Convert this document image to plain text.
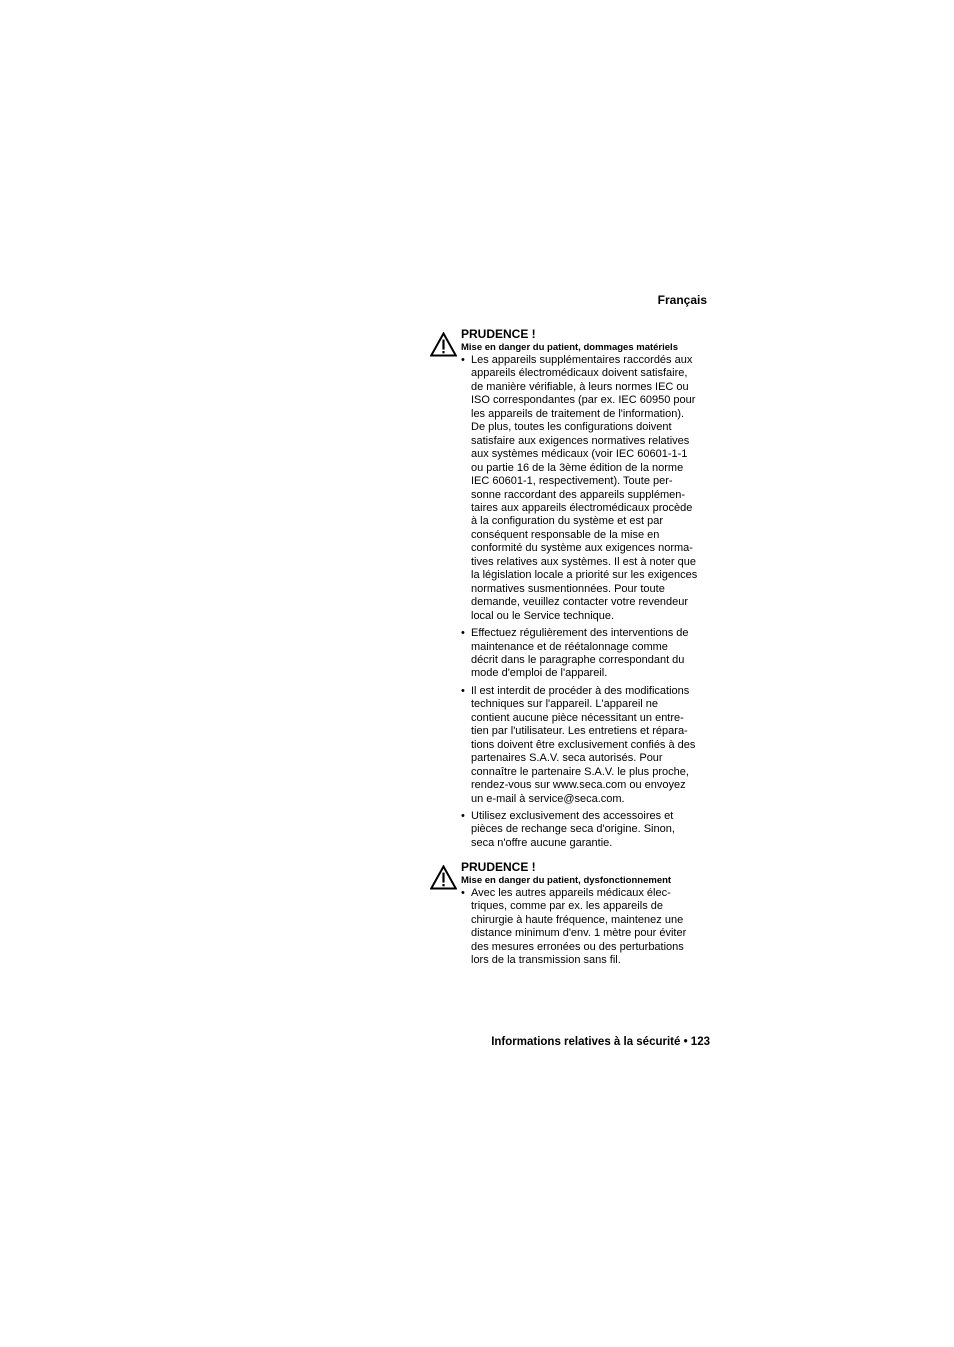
Français

PRUDENCE !

Mise en danger du patient, dommages matériels

• Les appareils supplémentaires raccordés aux
appareils électromédicaux doivent satisfaire,
de manière vérifiable, à leurs normes IEC ou
ISO correspondantes (par ex. IEC 60950 pour
les appareils de traitement de l'information).
De plus, toutes les configurations doivent
satisfaire aux exigences normatives relatives
aux systèmes médicaux (voir IEC 60601-1-1
ou partie 16 de la 3ème édition de la norme
IEC 60601-1, respectivement). Toute per-
sonne raccordant des appareils supplémen-
taires aux appareils électromédicaux procède
à la configuration du système et est par
conséquent responsable de la mise en
conformité du système aux exigences norma-
tives relatives aux systèmes. Il est à noter que
la législation locale a priorité sur les exigences
normatives susmentionnées. Pour toute
demande, veuillez contacter votre revendeur
local ou le Service technique.
• Effectuez régulièrement des interventions de
maintenance et de réétalonnage comme
décrit dans le paragraphe correspondant du
mode d'emploi de l'appareil.
• Il est interdit de procéder à des modifications
techniques sur l'appareil. L'appareil ne
contient aucune pièce nécessitant un entre-
tien par l'utilisateur. Les entretiens et répara-
tions doivent être exclusivement confiés à des
partenaires S.A.V. seca autorisés. Pour
connaître le partenaire S.A.V. le plus proche,
rendez-vous sur www.seca.com ou envoyez
un e-mail à service@seca.com.
• Utilisez exclusivement des accessoires et
pièces de rechange seca d'origine. Sinon,
seca n'offre aucune garantie.

PRUDENCE !

Mise en danger du patient, dysfonctionnement

• Avec les autres appareils médicaux élec-
triques, comme par ex. les appareils de
chirurgie à haute fréquence, maintenez une
distance minimum d'env. 1 mètre pour éviter
des mesures erronées ou des perturbations
lors de la transmission sans fil.
Informations relatives à la sécurité • 123
